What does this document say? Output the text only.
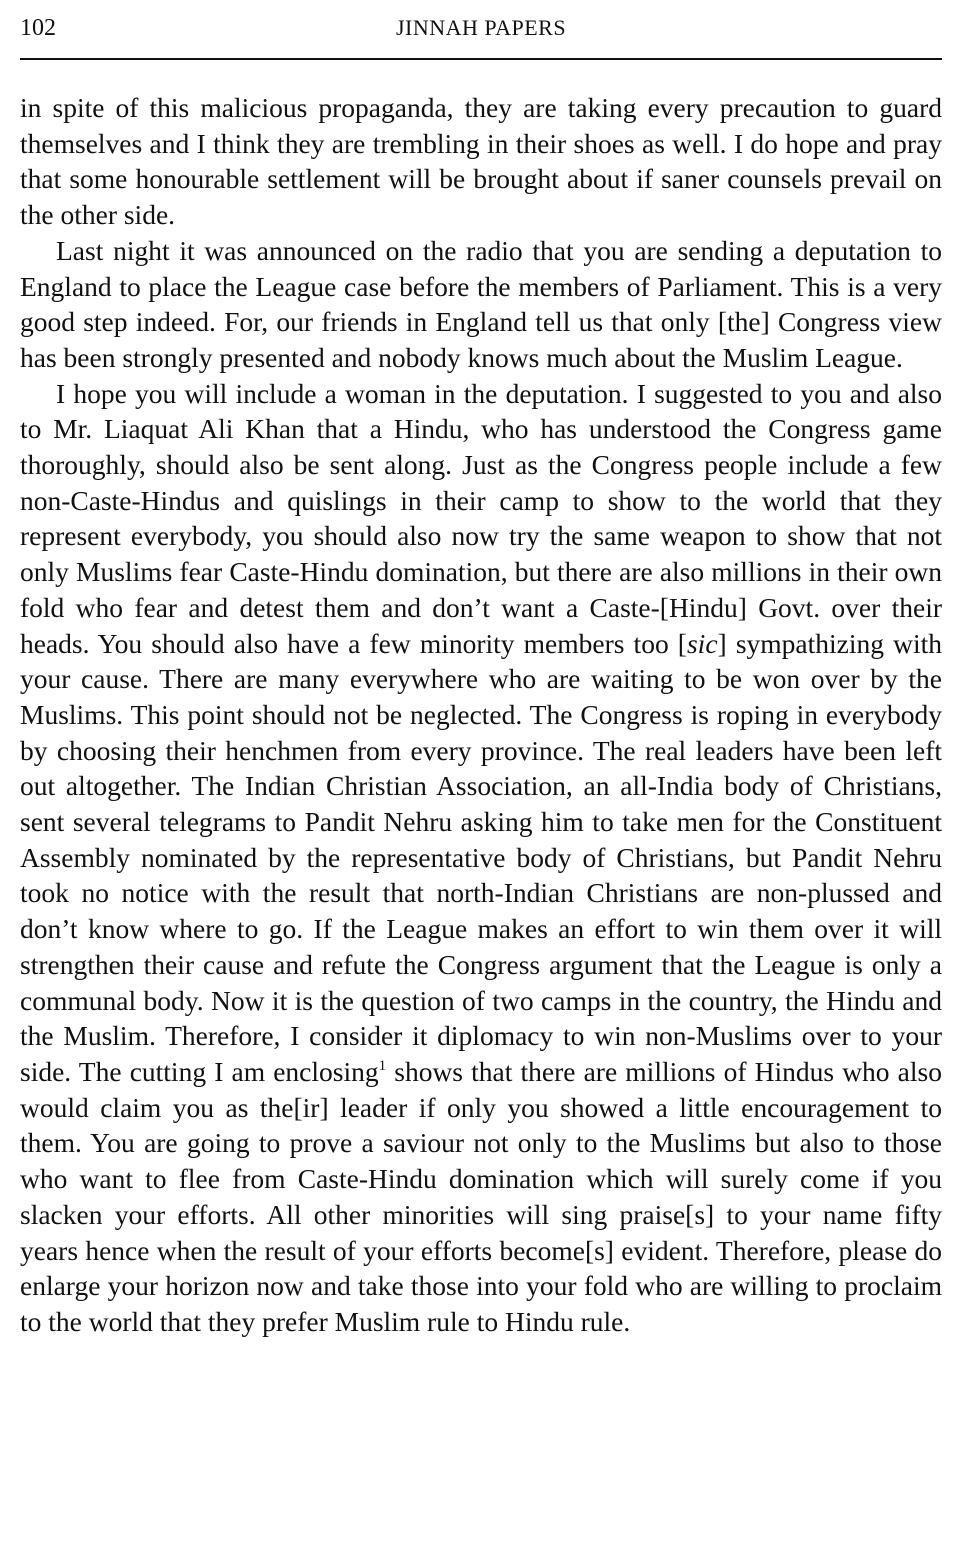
102	JINNAH PAPERS

in spite of this malicious propaganda, they are taking every precaution to guard themselves and I think they are trembling in their shoes as well. I do hope and pray that some honourable settlement will be brought about if saner counsels prevail on the other side.

Last night it was announced on the radio that you are sending a deputation to England to place the League case before the members of Parliament. This is a very good step indeed. For, our friends in England tell us that only [the] Congress view has been strongly presented and nobody knows much about the Muslim League.

I hope you will include a woman in the deputation. I suggested to you and also to Mr. Liaquat Ali Khan that a Hindu, who has understood the Congress game thoroughly, should also be sent along. Just as the Congress people include a few non-Caste-Hindus and quislings in their camp to show to the world that they represent everybody, you should also now try the same weapon to show that not only Muslims fear Caste-Hindu domination, but there are also millions in their own fold who fear and detest them and don’t want a Caste-[Hindu] Govt. over their heads. You should also have a few minority members too [sic] sympathizing with your cause. There are many everywhere who are waiting to be won over by the Muslims. This point should not be neglected. The Congress is roping in everybody by choosing their henchmen from every province. The real leaders have been left out altogether. The Indian Christian Association, an all-India body of Christians, sent several telegrams to Pandit Nehru asking him to take men for the Constituent Assembly nominated by the representative body of Christians, but Pandit Nehru took no notice with the result that north-Indian Christians are non-plussed and don’t know where to go. If the League makes an effort to win them over it will strengthen their cause and refute the Congress argument that the League is only a communal body. Now it is the question of two camps in the country, the Hindu and the Muslim. Therefore, I consider it diplomacy to win non-Muslims over to your side. The cutting I am enclosing$^1$ shows that there are millions of Hindus who also would claim you as the[ir] leader if only you showed a little encouragement to them. You are going to prove a saviour not only to the Muslims but also to those who want to flee from Caste-Hindu domination which will surely come if you slacken your efforts. All other minorities will sing praise[s] to your name fifty years hence when the result of your efforts become[s] evident. Therefore, please do enlarge your horizon now and take those into your fold who are willing to proclaim to the world that they prefer Muslim rule to Hindu rule.
